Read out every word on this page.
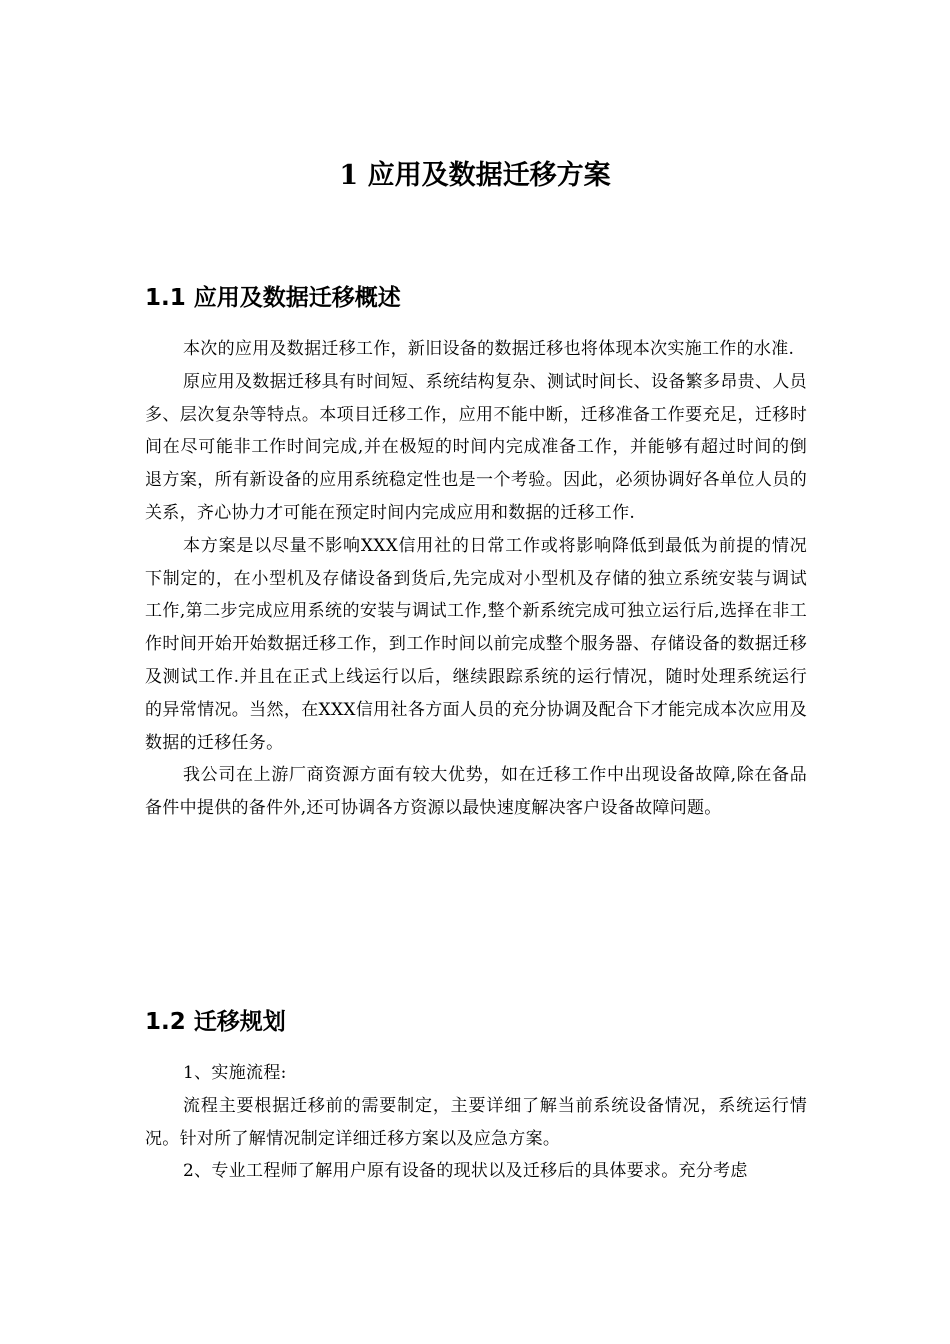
1 应用及数据迁移方案
1.1 应用及数据迁移概述

本次的应用及数据迁移工作，新旧设备的数据迁移也将体现本次实施工作的水准.

原应用及数据迁移具有时间短、系统结构复杂、测试时间长、设备繁多昂贵、人员多、层次复杂等特点。本项目迁移工作，应用不能中断，迁移准备工作要充足，迁移时间在尽可能非工作时间完成,并在极短的时间内完成准备工作，并能够有超过时间的倒退方案，所有新设备的应用系统稳定性也是一个考验。因此，必须协调好各单位人员的关系，齐心协力才可能在预定时间内完成应用和数据的迁移工作.

本方案是以尽量不影响XXX信用社的日常工作或将影响降低到最低为前提的情况下制定的，在小型机及存储设备到货后,先完成对小型机及存储的独立系统安装与调试工作,第二步完成应用系统的安装与调试工作,整个新系统完成可独立运行后,选择在非工作时间开始开始数据迁移工作，到工作时间以前完成整个服务器、存储设备的数据迁移及测试工作.并且在正式上线运行以后，继续跟踪系统的运行情况，随时处理系统运行的异常情况。当然，在XXX信用社各方面人员的充分协调及配合下才能完成本次应用及数据的迁移任务。

我公司在上游厂商资源方面有较大优势，如在迁移工作中出现设备故障,除在备品备件中提供的备件外,还可协调各方资源以最快速度解决客户设备故障问题。

1.2 迁移规划

1、实施流程:

流程主要根据迁移前的需要制定，主要详细了解当前系统设备情况，系统运行情况。针对所了解情况制定详细迁移方案以及应急方案。

2、专业工程师了解用户原有设备的现状以及迁移后的具体要求。充分考虑
